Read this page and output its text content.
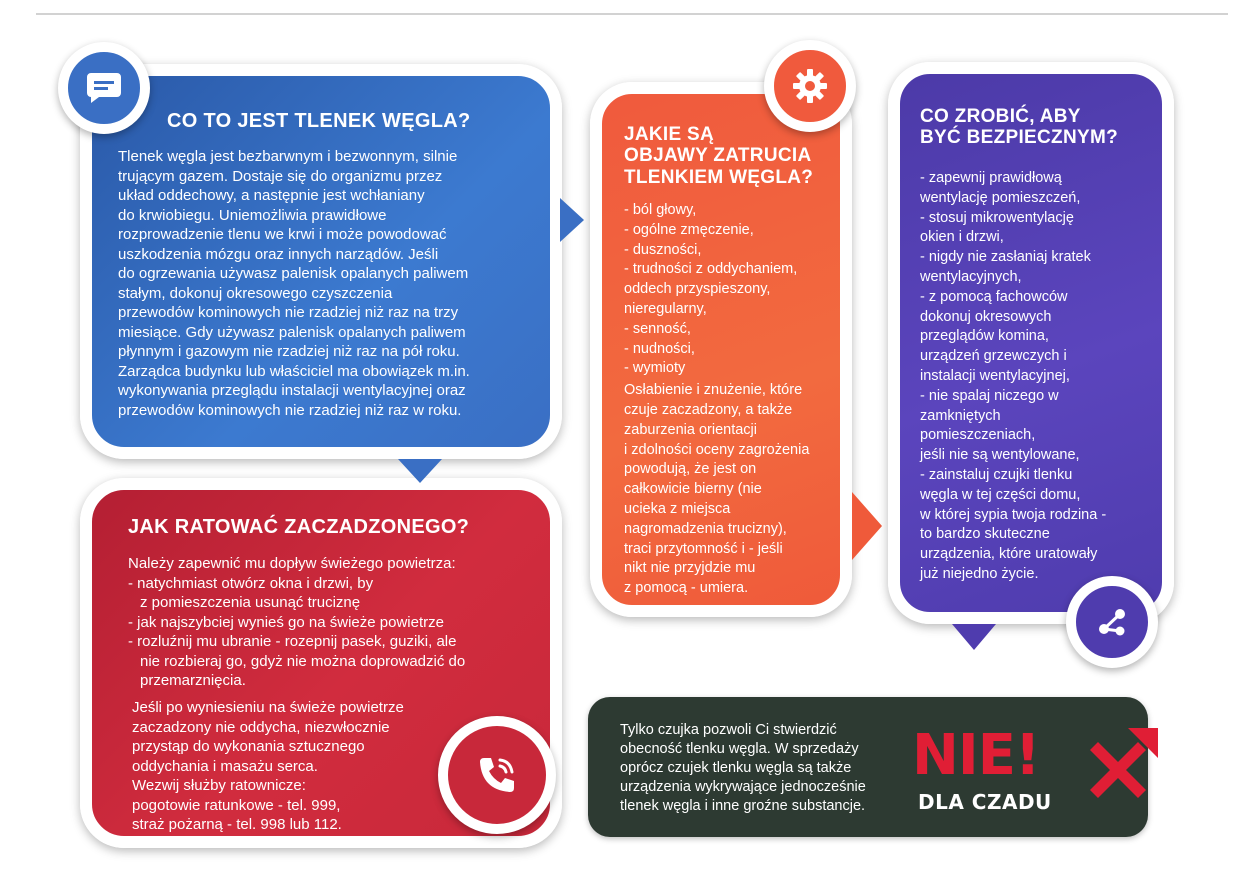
CO TO JEST TLENEK WĘGLA?

Tlenek węgla jest bezbarwnym i bezwonnym, silnie

trującym gazem. Dostaje się do organizmu przez

układ oddechowy, a następnie jest wchłaniany

do krwiobiegu. Uniemożliwia prawidłowe

rozprowadzenie tlenu we krwi i może powodować

uszkodzenia mózgu oraz innych narządów. Jeśli

do ogrzewania używasz palenisk opalanych paliwem

stałym, dokonuj okresowego czyszczenia

przewodów kominowych nie rzadziej niż raz na trzy

miesiące. Gdy używasz palenisk opalanych paliwem

płynnym i gazowym nie rzadziej niż raz na pół roku.

Zarządca budynku lub właściciel ma obowiązek m.in.

wykonywania przeglądu instalacji wentylacyjnej oraz

przewodów kominowych nie rzadziej niż raz w roku.

JAK RATOWAĆ ZACZADZONEGO?

Należy zapewnić mu dopływ świeżego powietrza:

- natychmiast otwórz okna i drzwi, by
z pomieszczenia usunąć truciznę
- jak najszybciej wynieś go na świeże powietrze
- rozluźnij mu ubranie - rozepnij pasek, guziki, ale
nie rozbieraj go, gdyż nie można doprowadzić do
przemarznięcia.

Jeśli po wyniesieniu na świeże powietrze

zaczadzony nie oddycha, niezwłocznie

przystąp do wykonania sztucznego

oddychania i masażu serca.

Wezwij służby ratownicze:

pogotowie ratunkowe - tel. 999,

straż pożarną - tel. 998 lub 112.

JAKIE SĄ
OBJAWY ZATRUCIA
TLENKIEM WĘGLA?
- ból głowy,
- ogólne zmęczenie,
- duszności,
- trudności z oddychaniem,
oddech przyspieszony,
nieregularny,
- senność,
- nudności,
- wymioty

Osłabienie i znużenie, które

czuje zaczadzony, a także

zaburzenia orientacji

i zdolności oceny zagrożenia

powodują, że jest on

całkowicie bierny (nie

ucieka z miejsca

nagromadzenia trucizny),

traci przytomność i - jeśli

nikt nie przyjdzie mu

z pomocą - umiera.

CO ZROBIĆ, ABY
BYĆ BEZPIECZNYM?
- zapewnij prawidłową
wentylację pomieszczeń,
- stosuj mikrowentylację
okien i drzwi,
- nigdy nie zasłaniaj kratek
wentylacyjnych,
- z pomocą fachowców
dokonuj okresowych
przeglądów komina,
urządzeń grzewczych i
instalacji wentylacyjnej,
- nie spalaj niczego w
zamkniętych
pomieszczeniach,
jeśli nie są wentylowane,
- zainstaluj czujki tlenku
węgla w tej części domu,
w której sypia twoja rodzina -
to bardzo skuteczne
urządzenia, które uratowały
już niejedno życie.

Tylko czujka pozwoli Ci stwierdzić

obecność tlenku węgla. W sprzedaży

oprócz czujek tlenku węgla są także

urządzenia wykrywające jednocześnie

tlenek węgla i inne groźne substancje.

NIE!
DLA CZADU
